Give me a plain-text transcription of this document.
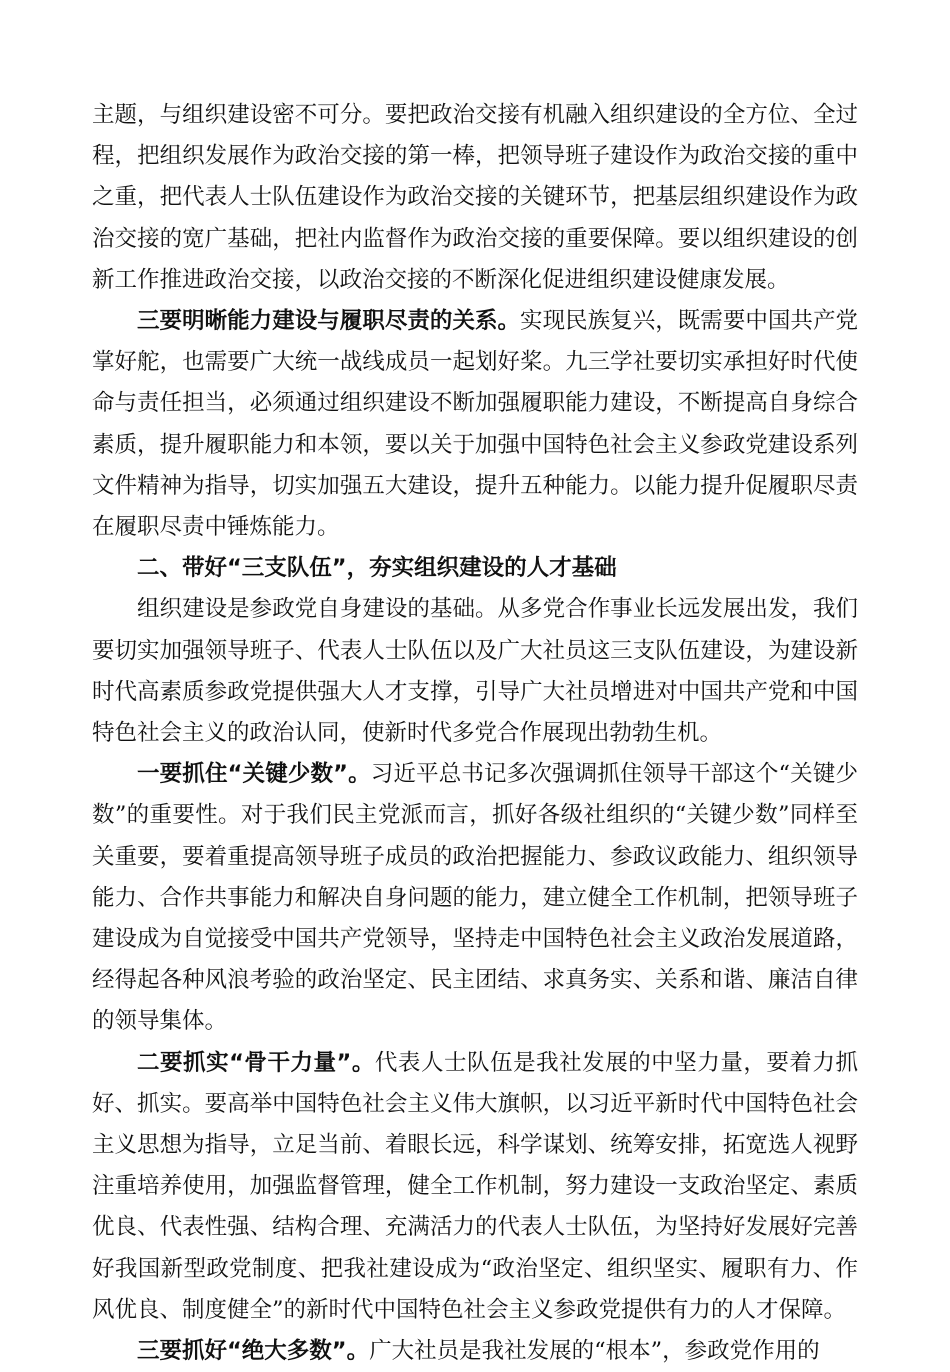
主题，与组织建设密不可分。要把政治交接有机融入组织建设的全方位、全过程，把组织发展作为政治交接的第一棒，把领导班子建设作为政治交接的重中之重，把代表人士队伍建设作为政治交接的关键环节，把基层组织建设作为政治交接的宽广基础，把社内监督作为政治交接的重要保障。要以组织建设的创新工作推进政治交接，以政治交接的不断深化促进组织建设健康发展。

三要明晰能力建设与履职尽责的关系。实现民族复兴，既需要中国共产党掌好舵，也需要广大统一战线成员一起划好桨。九三学社要切实承担好时代使命与责任担当，必须通过组织建设不断加强履职能力建设，不断提高自身综合素质，提升履职能力和本领，要以关于加强中国特色社会主义参政党建设系列文件精神为指导，切实加强五大建设，提升五种能力。以能力提升促履职尽责在履职尽责中锤炼能力。

二、带好“三支队伍”，夯实组织建设的人才基础

组织建设是参政党自身建设的基础。从多党合作事业长远发展出发，我们要切实加强领导班子、代表人士队伍以及广大社员这三支队伍建设，为建设新时代高素质参政党提供强大人才支撑，引导广大社员增进对中国共产党和中国特色社会主义的政治认同，使新时代多党合作展现出勃勃生机。

一要抓住“关键少数”。习近平总书记多次强调抓住领导干部这个“关键少数”的重要性。对于我们民主党派而言，抓好各级社组织的“关键少数”同样至关重要，要着重提高领导班子成员的政治把握能力、参政议政能力、组织领导能力、合作共事能力和解决自身问题的能力，建立健全工作机制，把领导班子建设成为自觉接受中国共产党领导，坚持走中国特色社会主义政治发展道路，经得起各种风浪考验的政治坚定、民主团结、求真务实、关系和谐、廉洁自律的领导集体。

二要抓实“骨干力量”。代表人士队伍是我社发展的中坚力量，要着力抓好、抓实。要高举中国特色社会主义伟大旗帜，以习近平新时代中国特色社会主义思想为指导，立足当前、着眼长远，科学谋划、统筹安排，拓宽选人视野注重培养使用，加强监督管理，健全工作机制，努力建设一支政治坚定、素质优良、代表性强、结构合理、充满活力的代表人士队伍，为坚持好发展好完善好我国新型政党制度、把我社建设成为“政治坚定、组织坚实、履职有力、作风优良、制度健全”的新时代中国特色社会主义参政党提供有力的人才保障。

三要抓好“绝大多数”。广大社员是我社发展的“根本”，参政党作用的
